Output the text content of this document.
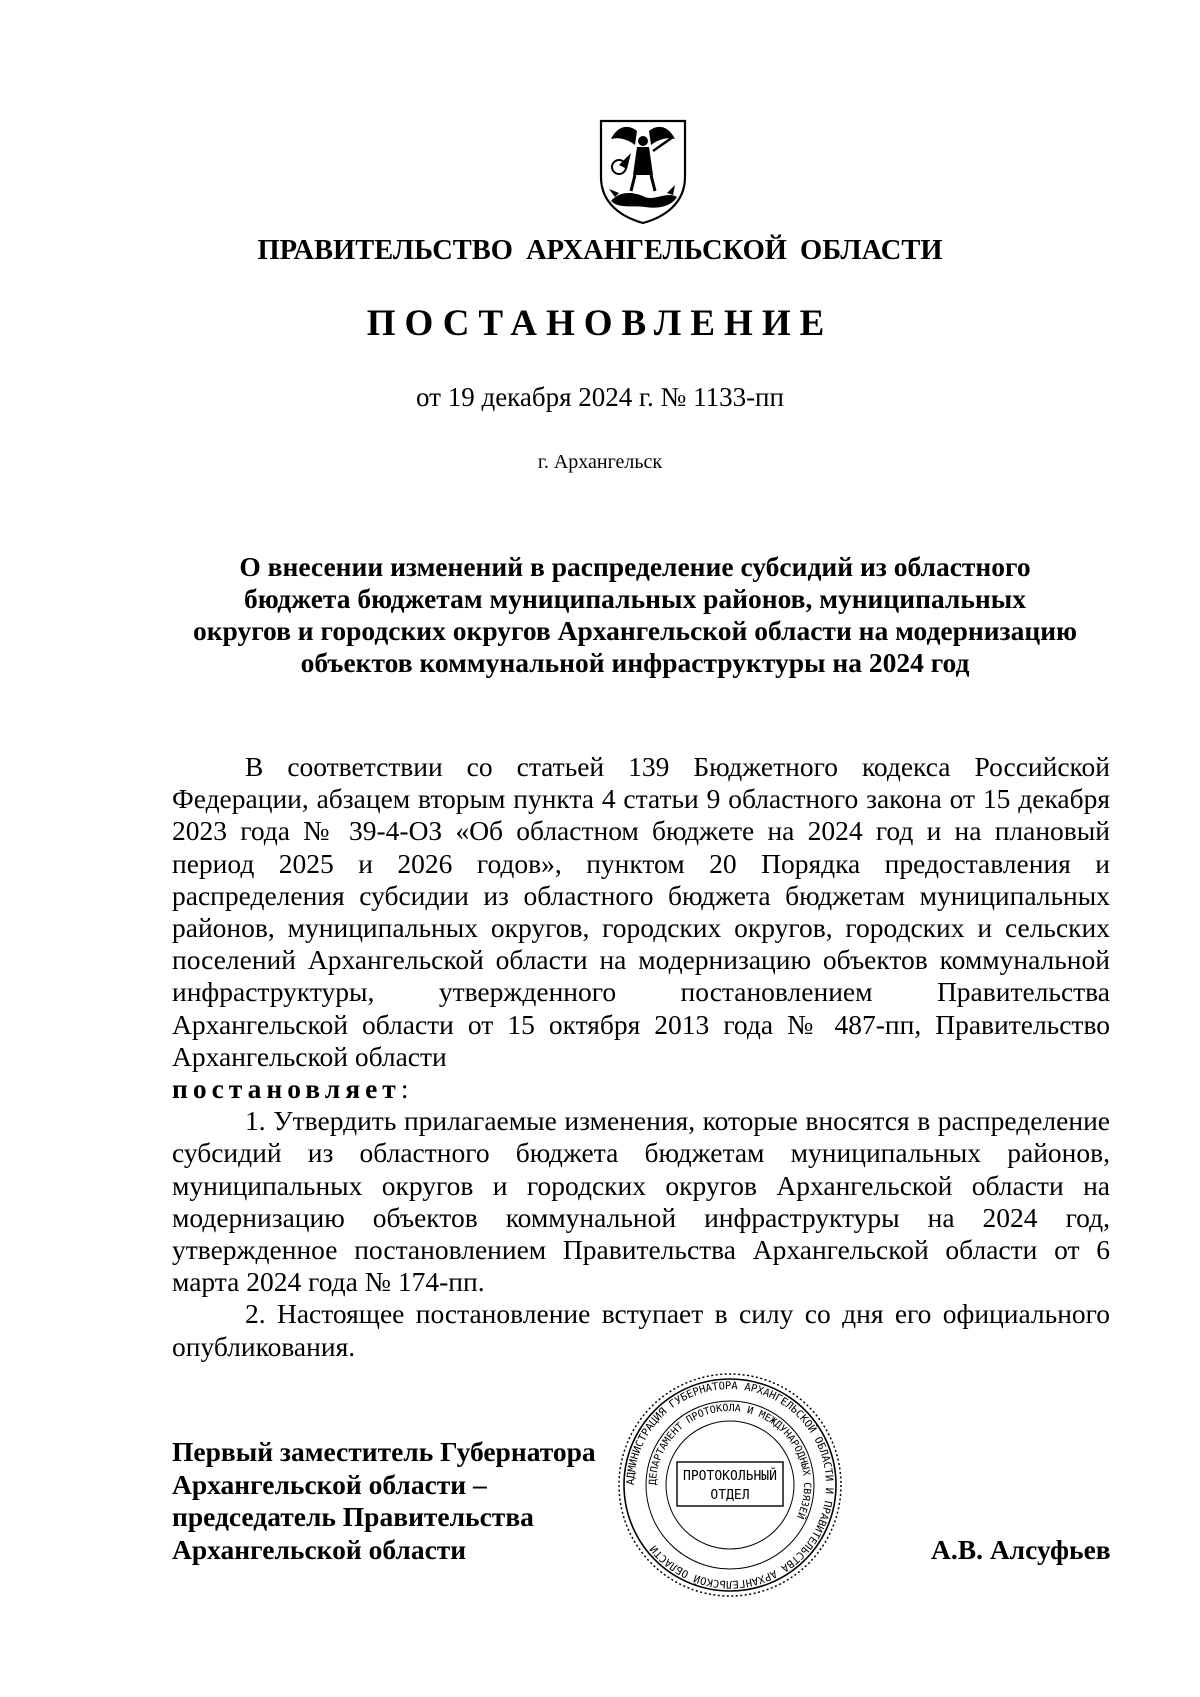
ПРАВИТЕЛЬСТВО АРХАНГЕЛЬСКОЙ ОБЛАСТИ
ПОСТАНОВЛЕНИЕ
от 19 декабря 2024 г. № 1133-пп
г. Архангельск
О внесении изменений в распределение субсидий из областного
бюджета бюджетам муниципальных районов, муниципальных
округов и городских округов Архангельской области на модернизацию
объектов коммунальной инфраструктуры на 2024 год

В соответствии со статьей 139 Бюджетного кодекса Российской Федерации, абзацем вторым пункта 4 статьи 9 областного закона от 15 декабря 2023 года № 39-4-ОЗ «Об областном бюджете на 2024 год и на плановый период 2025 и 2026 годов», пунктом 20 Порядка предоставления и распределения субсидии из областного бюджета бюджетам муниципальных районов, муниципальных округов, городских округов, городских и сельских поселений Архангельской области на модернизацию объектов коммунальной инфраструктуры, утвержденного постановлением Правительства Архангельской области от 15 октября 2013 года № 487-пп, Правительство Архангельской области
постановляет:

1. Утвердить прилагаемые изменения, которые вносятся в распределение субсидий из областного бюджета бюджетам муниципальных районов, муниципальных округов и городских округов Архангельской области на модернизацию объектов коммунальной инфраструктуры на 2024 год, утвержденное постановлением Правительства Архангельской области от 6 марта 2024 года № 174-пп.

2. Настоящее постановление вступает в силу со дня его официального опубликования.

Первый заместитель Губернатора
Архангельской области –
председатель Правительства
Архангельской области
АДМИНИСТРАЦИЯ ГУБЕРНАТОРА АРХАНГЕЛЬСКОЙ ОБЛАСТИ И ПРАВИТЕЛЬСТВА АРХАНГЕЛЬСКОЙ ОБЛАСТИ
ДЕПАРТАМЕНТ ПРОТОКОЛА И МЕЖДУНАРОДНЫХ СВЯЗЕЙ
ПРОТОКОЛЬНЫЙ
ОТДЕЛ
А.В. Алсуфьев
